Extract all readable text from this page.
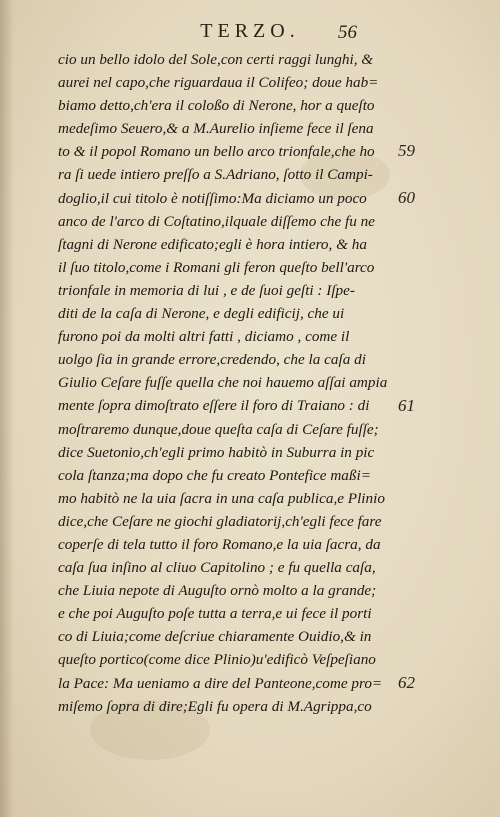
TERZO.	56
cio un bello idolo del Sole,con certi raggi lunghi, &
aurei nel capo,che riguardaua il Colifeo; doue hab=
biamo detto,ch'era il coloßo di Nerone, hor a queſto
medeſimo Seuero,& a M.Aurelio inſieme fece il ſena
to & il popol Romano un bello arco trionfale,che ho
ra ſi uede intiero preſſo a S.Adriano, ſotto il Campi-
doglio,il cui titolo è notiſſimo:Ma diciamo un poco
anco de l'arco di Coſtatino,ilquale diſſemo che fu ne
ſtagni di Nerone edificato;egli è hora intiero, & ha
il ſuo titolo,come i Romani gli feron queſto bell'arco
trionfale in memoria di lui , e de ſuoi geſti : Iſpe-
diti de la caſa di Nerone, e degli edificij, che ui
furono poi da molti altri fatti , diciamo , come il
uolgo ſia in grande errore,credendo, che la caſa di
Giulio Ceſare fuſſe quella che noi hauemo aſſai ampia
mente ſopra dimoſtrato eſſere il foro di Traiano : di
moſtraremo dunque,doue queſta caſa di Ceſare fuſſe;
dice Suetonio,ch'egli primo habitò in Suburra in pic
cola ſtanza;ma dopo che fu creato Pontefice maßi=
mo habitò ne la uia ſacra in una caſa publica,e Plinio
dice,che Ceſare ne giochi gladiatorij,ch'egli fece fare
coperſe di tela tutto il foro Romano,e la uia ſacra, da
caſa ſua inſino al cliuo Capitolino ; e fu quella caſa,
che Liuia nepote di Auguſto ornò molto a la grande;
e che poi Auguſto poſe tutta a terra,e ui fece il porti
co di Liuia;come deſcriue chiaramente Ouidio,& in
queſto portico(come dice Plinio)u'edificò Veſpeſiano
la Pace: Ma ueniamo a dire del Panteone,come pro=
miſemo ſopra di dire;Egli fu opera di M.Agrippa,co
59
60
61
62
